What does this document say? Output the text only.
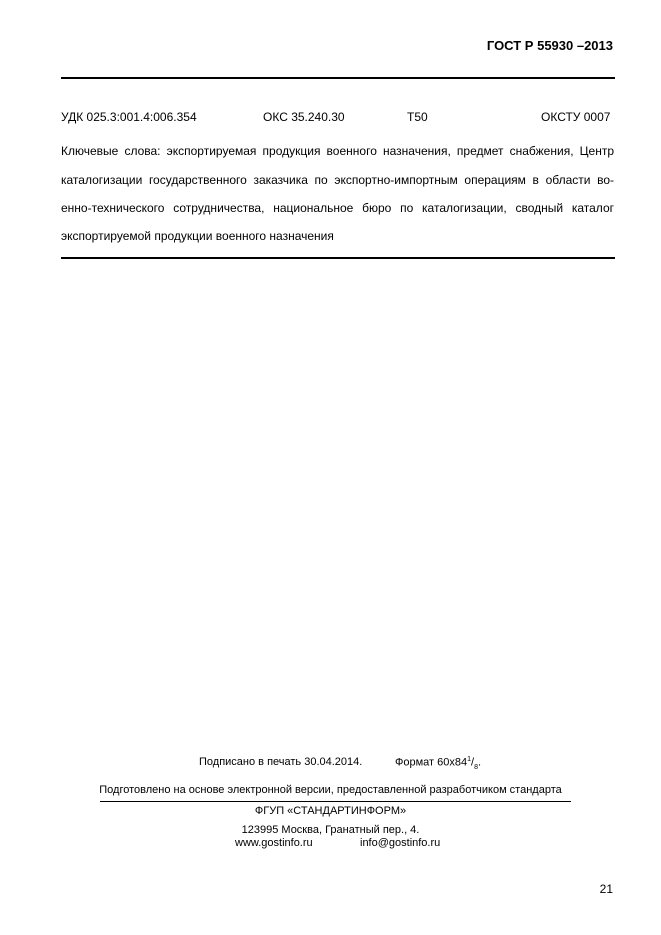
ГОСТ Р 55930 –2013
УДК 025.3:001.4:006.354	ОКС 35.240.30	Т50	ОКСТУ 0007
Ключевые слова: экспортируемая продукция военного назначения, предмет снабжения, Центр
каталогизации государственного заказчика по экспортно-импортным операциям в области во-
енно-технического сотрудничества, национальное бюро по каталогизации, сводный каталог
экспортируемой продукции военного назначения
Подписано в печать 30.04.2014.	Формат $60x84^1/_8$.
Подготовлено на основе электронной версии, предоставленной разработчиком стандарта
ФГУП «СТАНДАРТИНФОРМ»
123995 Москва, Гранатный пер., 4.
www.gostinfo.ru	info@gostinfo.ru
21
